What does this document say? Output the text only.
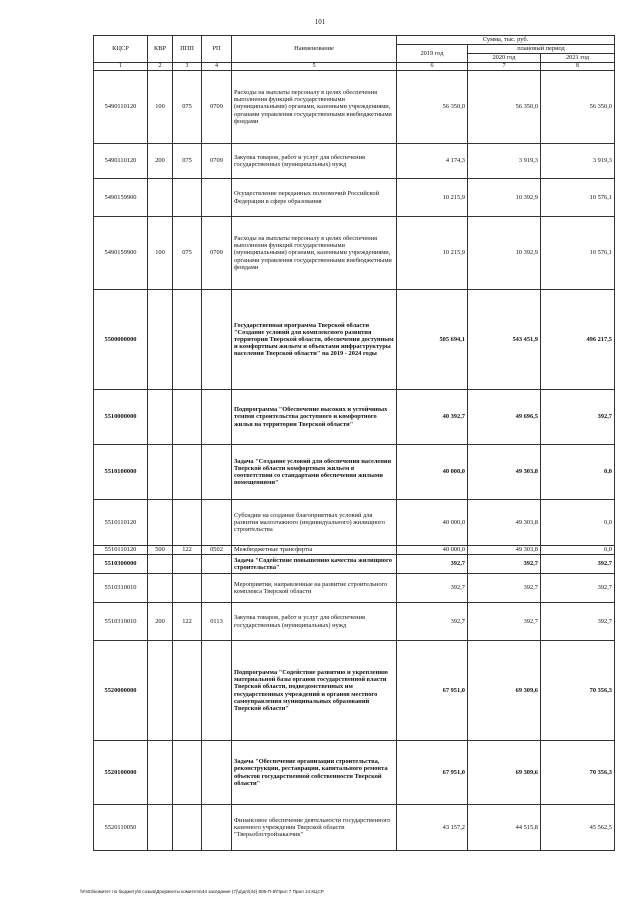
101
КЦСР	КВР	ППП	РП	Наименование	Сумма, тыс. руб.		
					2019 год	плановый период	
						2020 год	2021 год
1	2	3	4	5	6	7	8
5490110120	100	075	0709	Расходы на выплаты персоналу в целях обеспечения выполнения функций государственными (муниципальными) органами, казенными учреждениями, органами управления государственными внебюджетными фондами	56 350,0	56 350,0	56 350,0
5490110120	200	075	0709	Закупка товаров, работ и услуг для обеспечения государственных (муниципальных) нужд	4 174,3	3 919,3	3 919,3
5490159900				Осуществление переданных полномочий Российской Федерации в сфере образования	10 215,9	10 392,9	10 576,1
5490159900	100	075	0709	Расходы на выплаты персоналу в целях обеспечения выполнения функций государственными (муниципальными) органами, казенными учреждениями, органами управления государственными внебюджетными фондами	10 215,9	10 392,9	10 576,1
5500000000				Государственная программа Тверской области "Создание условий для комплексного развития территории Тверской области, обеспечения доступным и комфортным жильем и объектами инфраструктуры населения Тверской области" на 2019 - 2024 годы	505 694,1	543 451,9	496 217,5
5510000000				Подпрограмма "Обеспечение высоких и устойчивых темпов строительства доступного и комфортного жилья на территории Тверской области"	40 392,7	49 696,5	392,7
5510100000				Задача "Создание условий для обеспечения населения Тверской области комфортным жильем в соответствии со стандартами обеспечения жилыми помещениями"	40 000,0	49 303,8	0,0
5510110120				Субсидии на создание благоприятных условий для развития малоэтажного (индивидуального) жилищного строительства	40 000,0	49 303,8	0,0
5510110120	500	122	0502	Межбюджетные трансферты	40 000,0	49 303,8	0,0
5510300000				Задача "Содействие повышению качества жилищного строительства"	392,7	392,7	392,7
5510310010				Мероприятия, направленные на развитие строительного комплекса Тверской области	392,7	392,7	392,7
5510310010	200	122	0113	Закупка товаров, работ и услуг для обеспечения государственных (муниципальных) нужд	392,7	392,7	392,7
5520000000				Подпрограмма "Содействие развитию и укреплению материальной базы органов государственной власти Тверской области, подведомственных им государственных учреждений и органов местного самоуправления муниципальных образований Тверской области"	67 951,0	69 309,6	70 356,3
5520100000				Задача "Обеспечение организации строительства, реконструкции, реставрации, капитального ремонта объектов государственной собственности Тверской области"	67 951,0	69 309,6	70 356,3
5520110050				Финансовое обеспечение деятельности государственного казенного учреждения Тверской области "Тверьоблстройзаказчик"	43 157,2	44 515,8	45 562,5
\\Fs03\комитет по бюджету\6 созыв\Документы комитета\44 заседание (7)\д\дп\(44) 806-П-6\Прил 7 Прил 14 КЦСР
